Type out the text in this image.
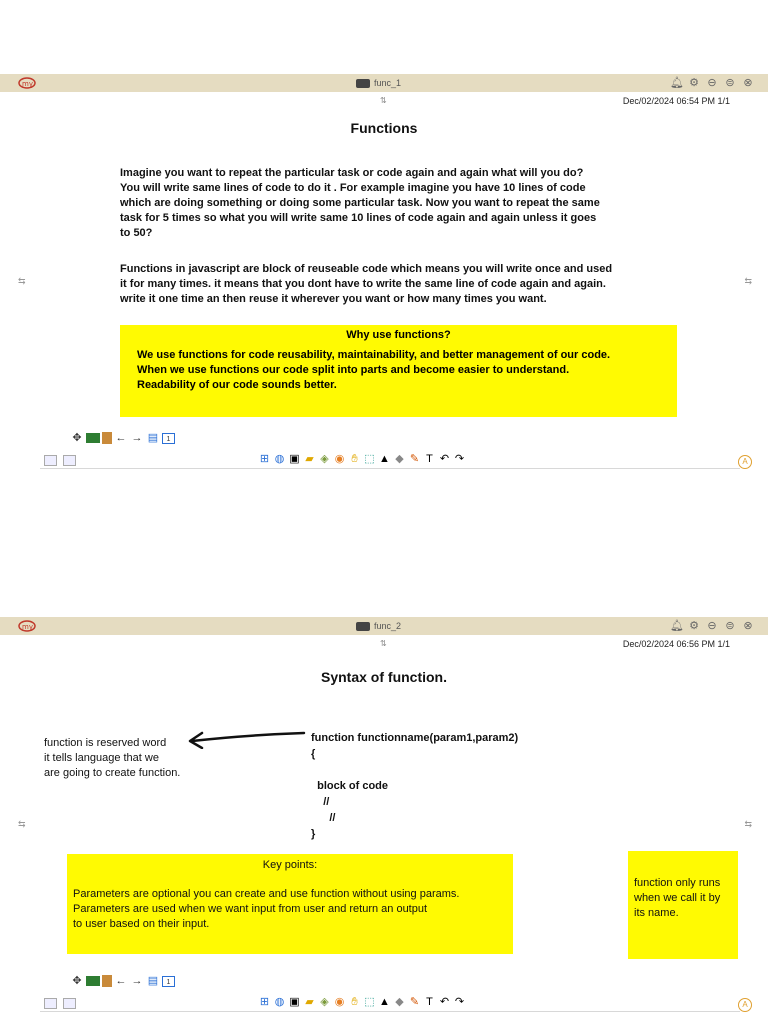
my	func_1	🔔︎ ⚙ ⊖ ⊜ ⊗
⇅	Dec/02/2024 06:54 PM 1/1
⇆	⇆
Functions
Imagine you want to repeat the particular task or code again and again what will you do?
You will write same lines of code to do it . For example imagine you have 10 lines of code
which are doing something or doing some particular task. Now you want to repeat the same
task for 5 times so what you will write same 10 lines of code again and again unless it goes
to 50?
Functions in javascript are block of reuseable code which means you will write once and used
it for many times. it means that you dont have to write the same line of code again and again.
write it one time an then reuse it wherever you want or how many times you want.
Why use functions?
We use functions for code reusability, maintainability, and better management of our code.
When we use functions our code split into parts and become easier to understand.
Readability of our code sounds better.
✥	← → ▤	1
⊞ ◍ ▣ ▰ ◈ ◉ ✋︎ ⬚ ▲ ◆ ✎ T ↶ ↷	A
my	func_2	🔔︎ ⚙ ⊖ ⊜ ⊗
⇅	Dec/02/2024 06:56 PM 1/1
⇆	⇆
Syntax of function.
function is reserved word
it tells language that we
are going to create function.
function functionname(param1,param2)
{

block of code
//
//
}
Key points:
Parameters are optional you can create and use function without using params.
Parameters are used when we want input from user and return an output
to user based on their input.
function only runs
when we call it by
its name.
✥	← → ▤	1
⊞ ◍ ▣ ▰ ◈ ◉ ✋︎ ⬚ ▲ ◆ ✎ T ↶ ↷	A
